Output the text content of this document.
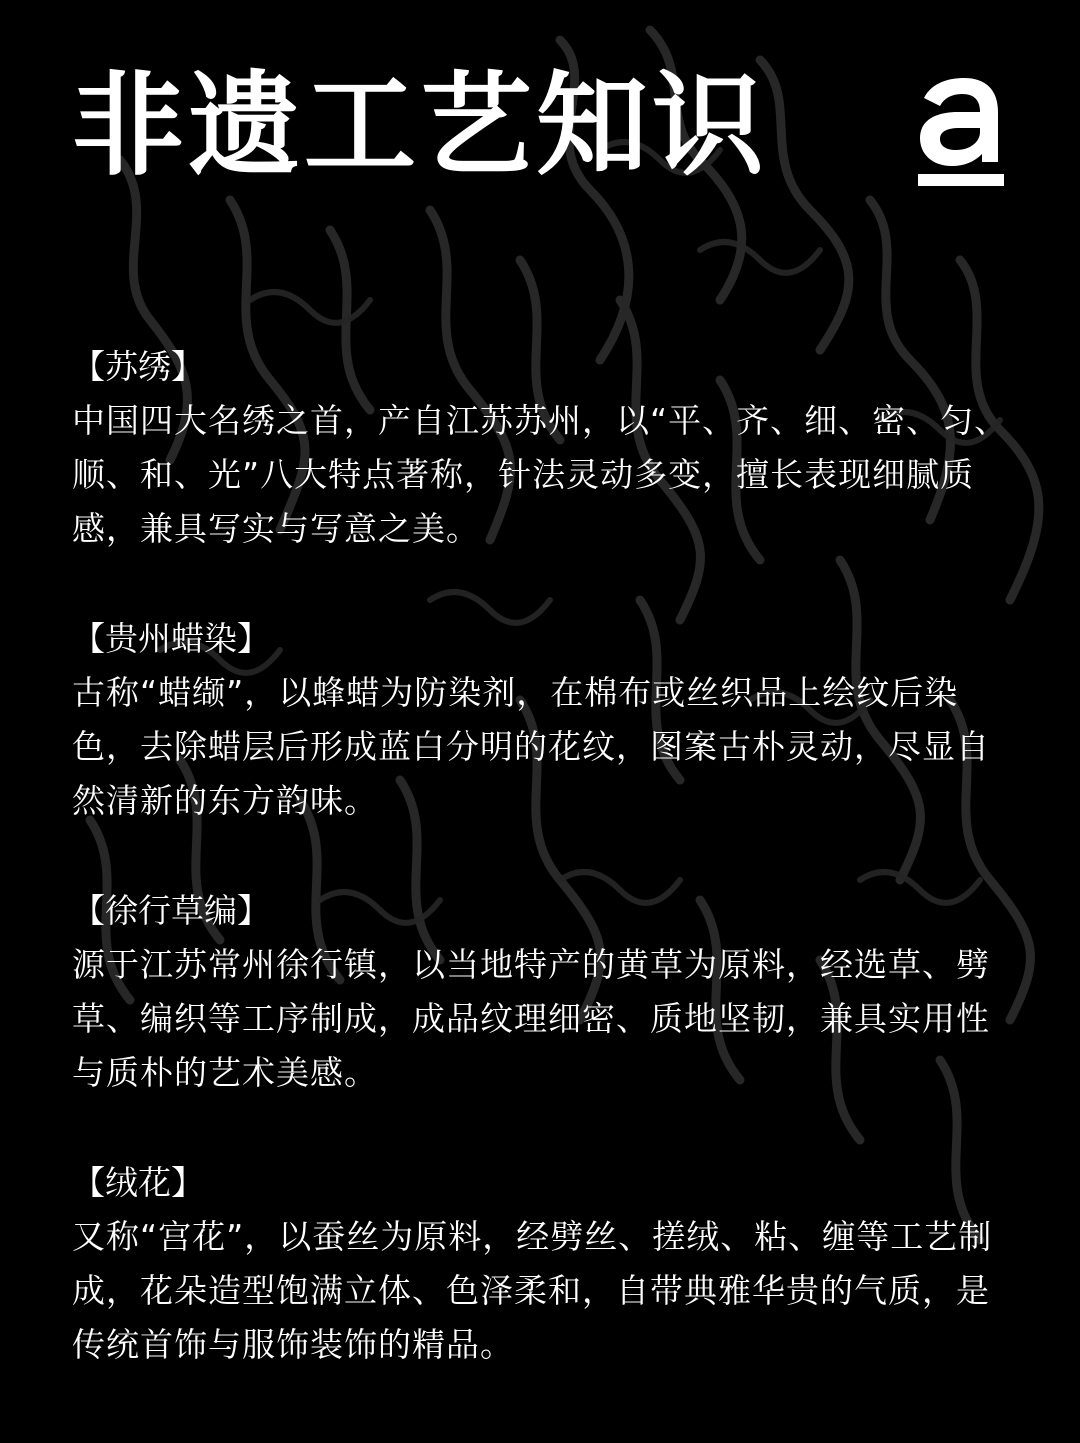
非遗工艺知识
【苏绣】
中国四大名绣之首，产自江苏苏州，以“平、齐、细、密、匀、顺、和、光”八大特点著称，针法灵动多变，擅长表现细腻质感，兼具写实与写意之美。
【贵州蜡染】
古称“蜡缬”，以蜂蜡为防染剂，在棉布或丝织品上绘纹后染色，去除蜡层后形成蓝白分明的花纹，图案古朴灵动，尽显自然清新的东方韵味。
【徐行草编】
源于江苏常州徐行镇，以当地特产的黄草为原料，经选草、劈草、编织等工序制成，成品纹理细密、质地坚韧，兼具实用性与质朴的艺术美感。
【绒花】
又称“宫花”，以蚕丝为原料，经劈丝、搓绒、粘、缠等工艺制成，花朵造型饱满立体、色泽柔和，自带典雅华贵的气质，是传统首饰与服饰装饰的精品。
